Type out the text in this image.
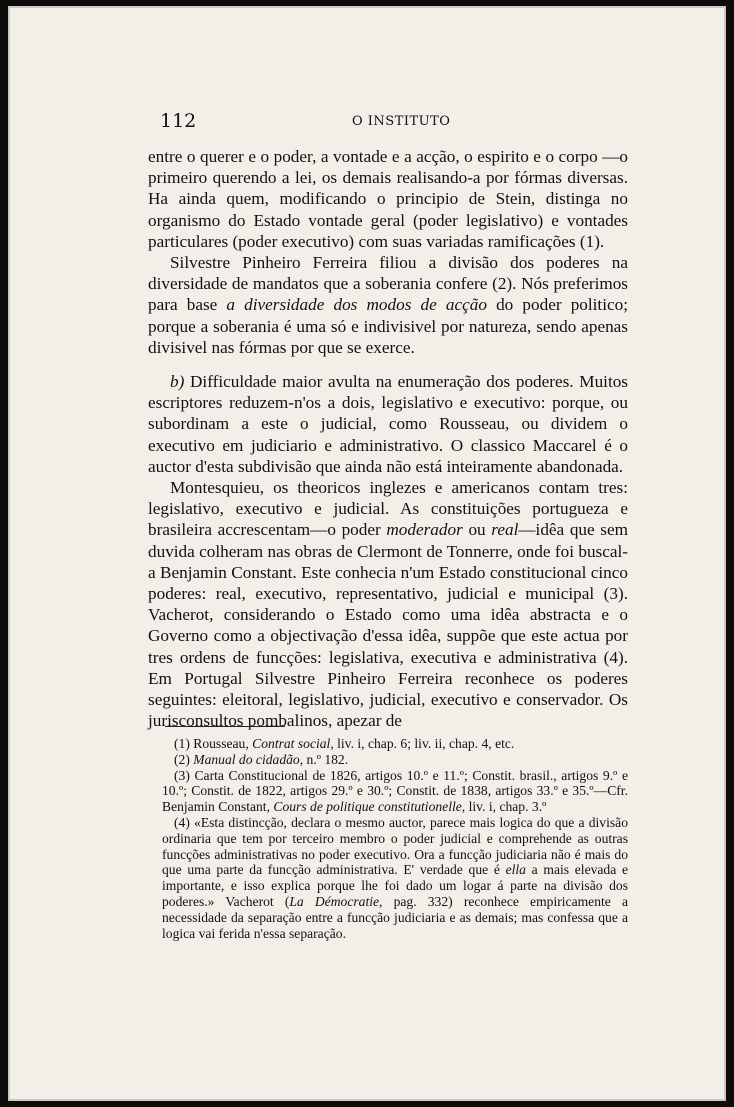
112	O INSTITUTO

entre o querer e o poder, a vontade e a acção, o espirito e o corpo —o primeiro querendo a lei, os demais realisando-a por fórmas diversas. Ha ainda quem, modificando o principio de Stein, distinga no organismo do Estado vontade geral (poder legislativo) e vontades particulares (poder executivo) com suas variadas ramificações (1).

Silvestre Pinheiro Ferreira filiou a divisão dos poderes na diversidade de mandatos que a soberania confere (2). Nós preferimos para base a diversidade dos modos de acção do poder politico; porque a soberania é uma só e indivisivel por natureza, sendo apenas divisivel nas fórmas por que se exerce.

b) Difficuldade maior avulta na enumeração dos poderes. Muitos escriptores reduzem-n'os a dois, legislativo e executivo: porque, ou subordinam a este o judicial, como Rousseau, ou dividem o executivo em judiciario e administrativo. O classico Maccarel é o auctor d'esta subdivisão que ainda não está inteiramente abandonada.

Montesquieu, os theoricos inglezes e americanos contam tres: legislativo, executivo e judicial. As constituições portugueza e brasileira accrescentam—o poder moderador ou real—idêa que sem duvida colheram nas obras de Clermont de Tonnerre, onde foi buscal-a Benjamin Constant. Este conhecia n'um Estado constitucional cinco poderes: real, executivo, representativo, judicial e municipal (3). Vacherot, considerando o Estado como uma idêa abstracta e o Governo como a objectivação d'essa idêa, suppõe que este actua por tres ordens de funcções: legislativa, executiva e administrativa (4). Em Portugal Silvestre Pinheiro Ferreira reconhece os poderes seguintes: eleitoral, legislativo, judicial, executivo e conservador. Os jurisconsultos pombalinos, apezar de

(1) Rousseau, Contrat social, liv. i, chap. 6; liv. ii, chap. 4, etc.

(2) Manual do cidadão, n.º 182.

(3) Carta Constitucional de 1826, artigos 10.º e 11.º; Constit. brasil., artigos 9.º e 10.º; Constit. de 1822, artigos 29.º e 30.º; Constit. de 1838, artigos 33.º e 35.º—Cfr. Benjamin Constant, Cours de politique constitutionelle, liv. i, chap. 3.º

(4) «Esta distincção, declara o mesmo auctor, parece mais logica do que a divisão ordinaria que tem por terceiro membro o poder judicial e comprehende as outras funcções administrativas no poder executivo. Ora a funcção judiciaria não é mais do que uma parte da funcção administrativa. E' verdade que é ella a mais elevada e importante, e isso explica porque lhe foi dado um logar á parte na divisão dos poderes.» Vacherot (La Démocratie, pag. 332) reconhece empiricamente a necessidade da separação entre a funcção judiciaria e as demais; mas confessa que a logica vai ferida n'essa separação.
